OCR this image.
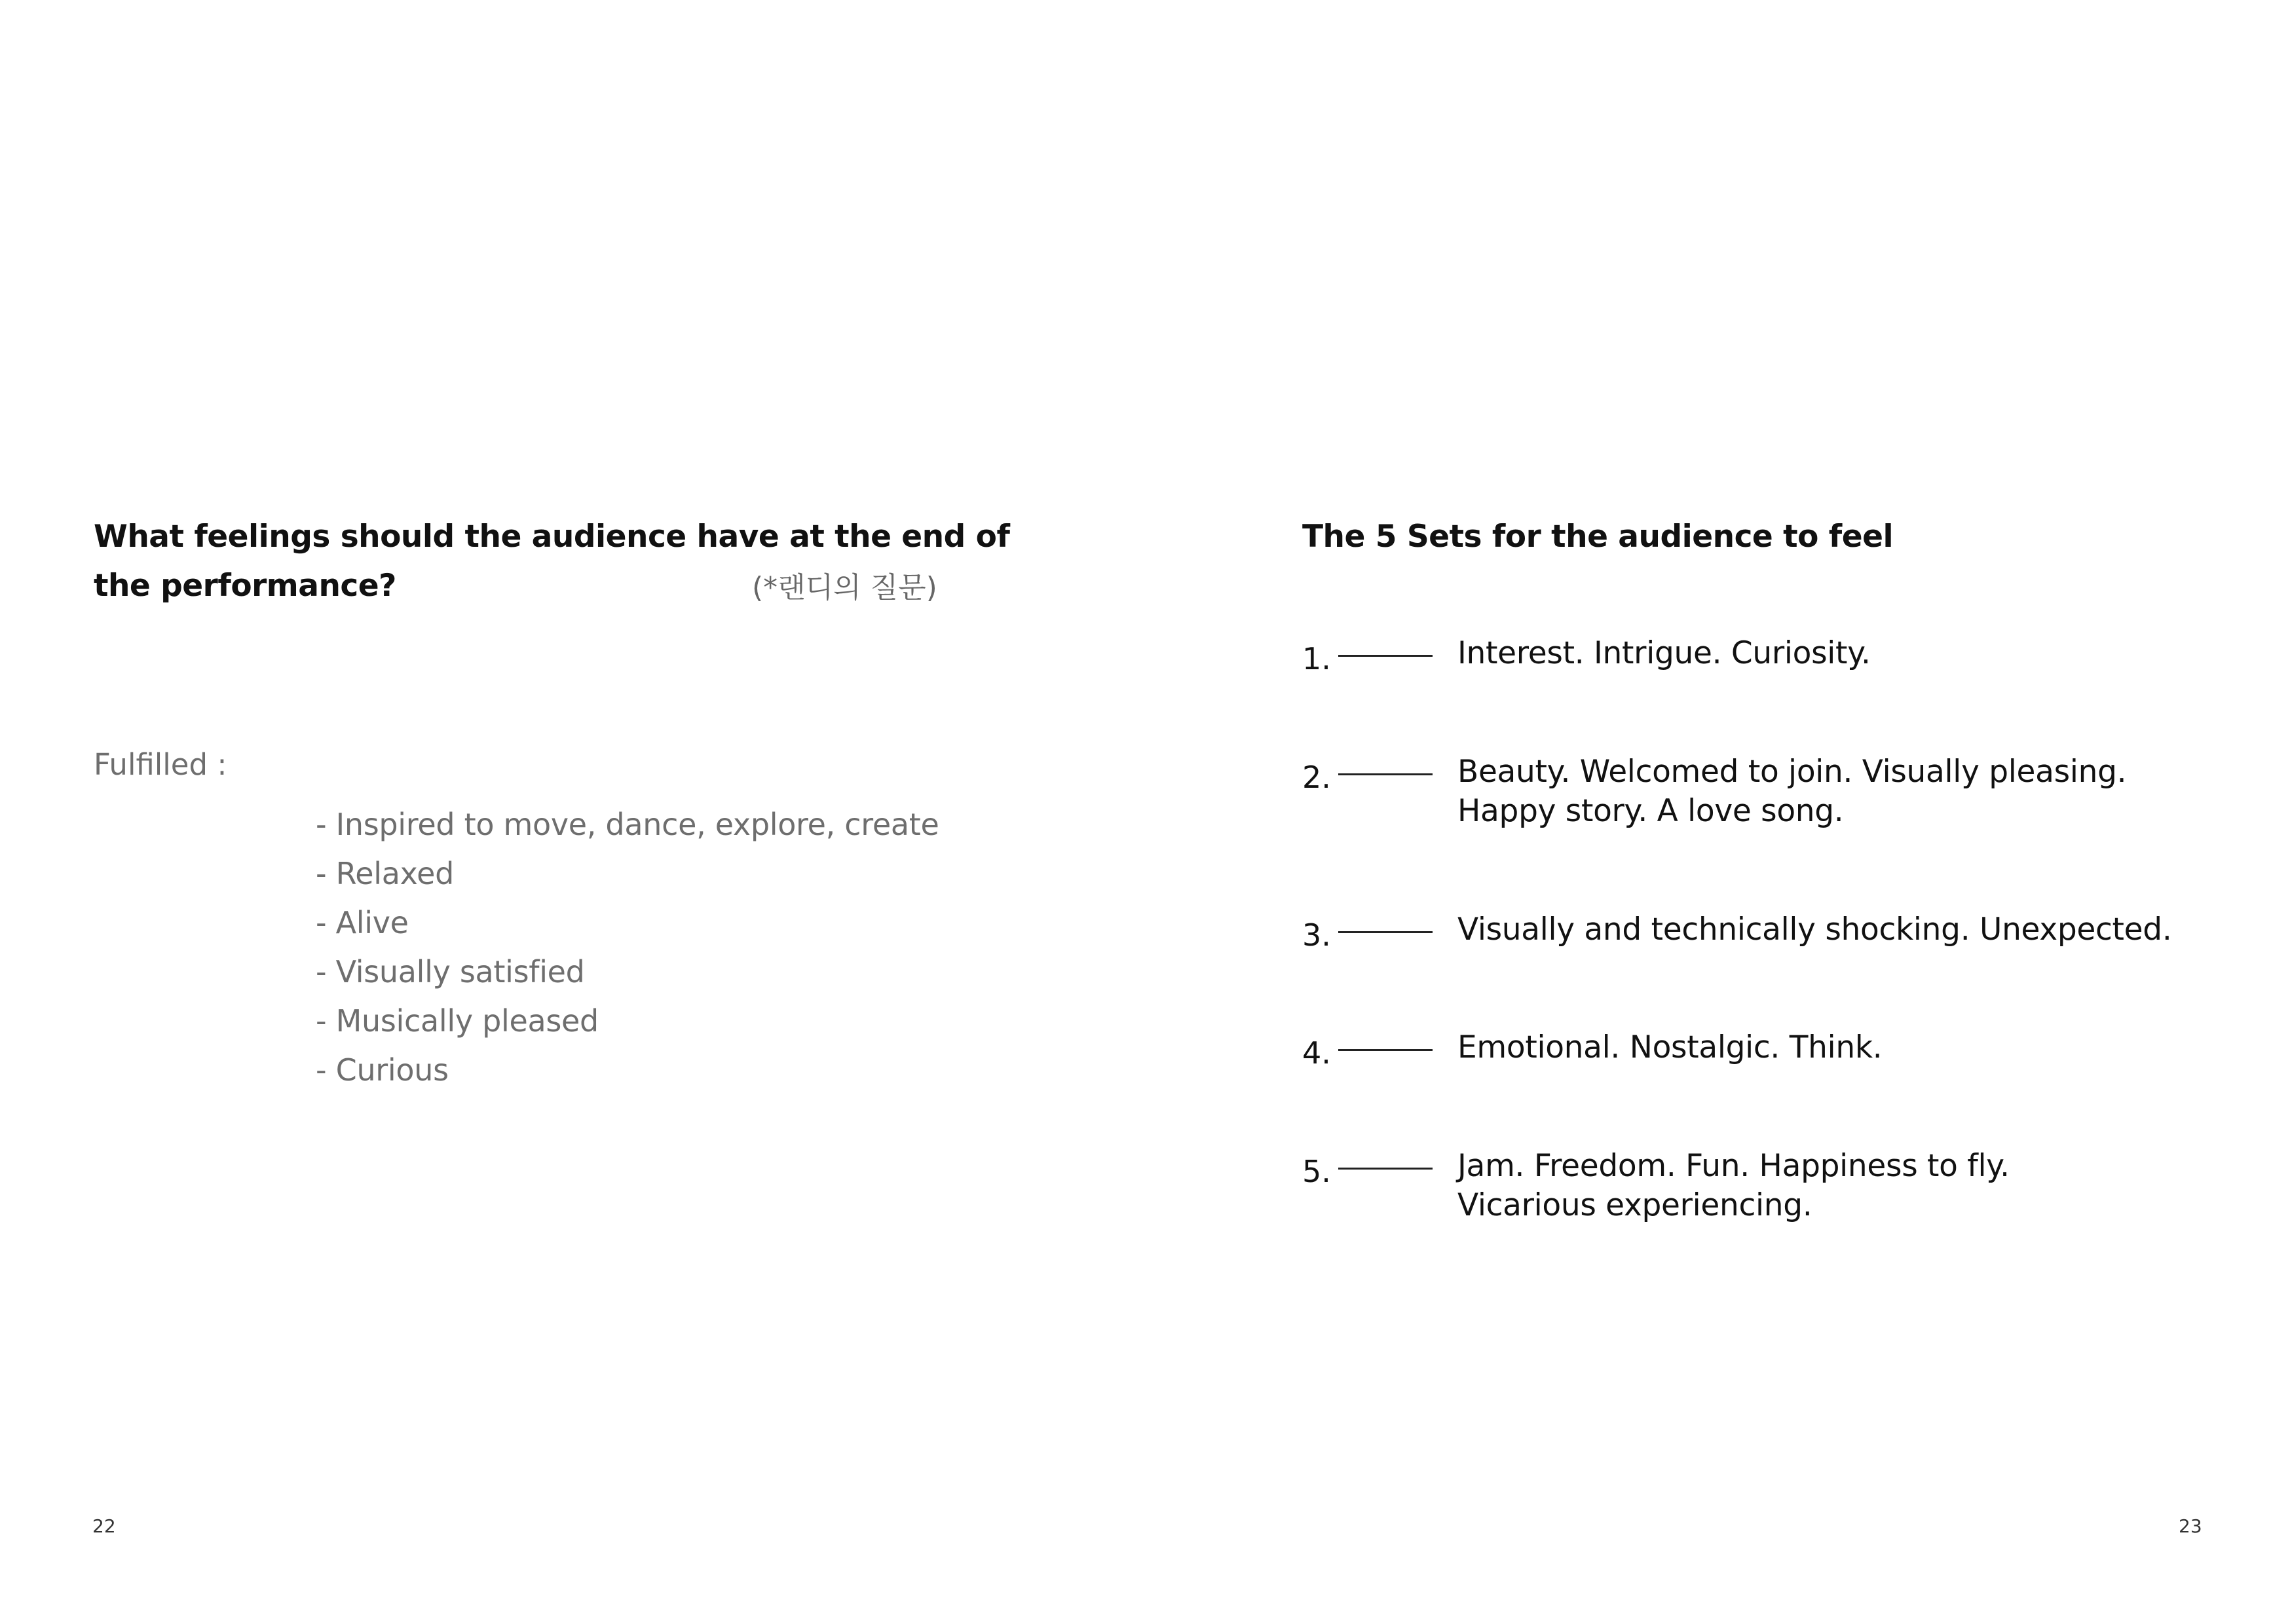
What feelings should the audience have at the end of
the performance?	(*랜디의 질문)
Fulfilled :
- Inspired to move, dance, explore, create
- Relaxed
- Alive
- Visually satisfied
- Musically pleased
- Curious
22
The 5 Sets for the audience to feel
1.	Interest. Intrigue. Curiosity.
2.	Beauty. Welcomed to join. Visually pleasing.
Happy story. A love song.
3.	Visually and technically shocking. Unexpected.
4.	Emotional. Nostalgic. Think.
5.	Jam. Freedom. Fun. Happiness to fly.
Vicarious experiencing.
23
